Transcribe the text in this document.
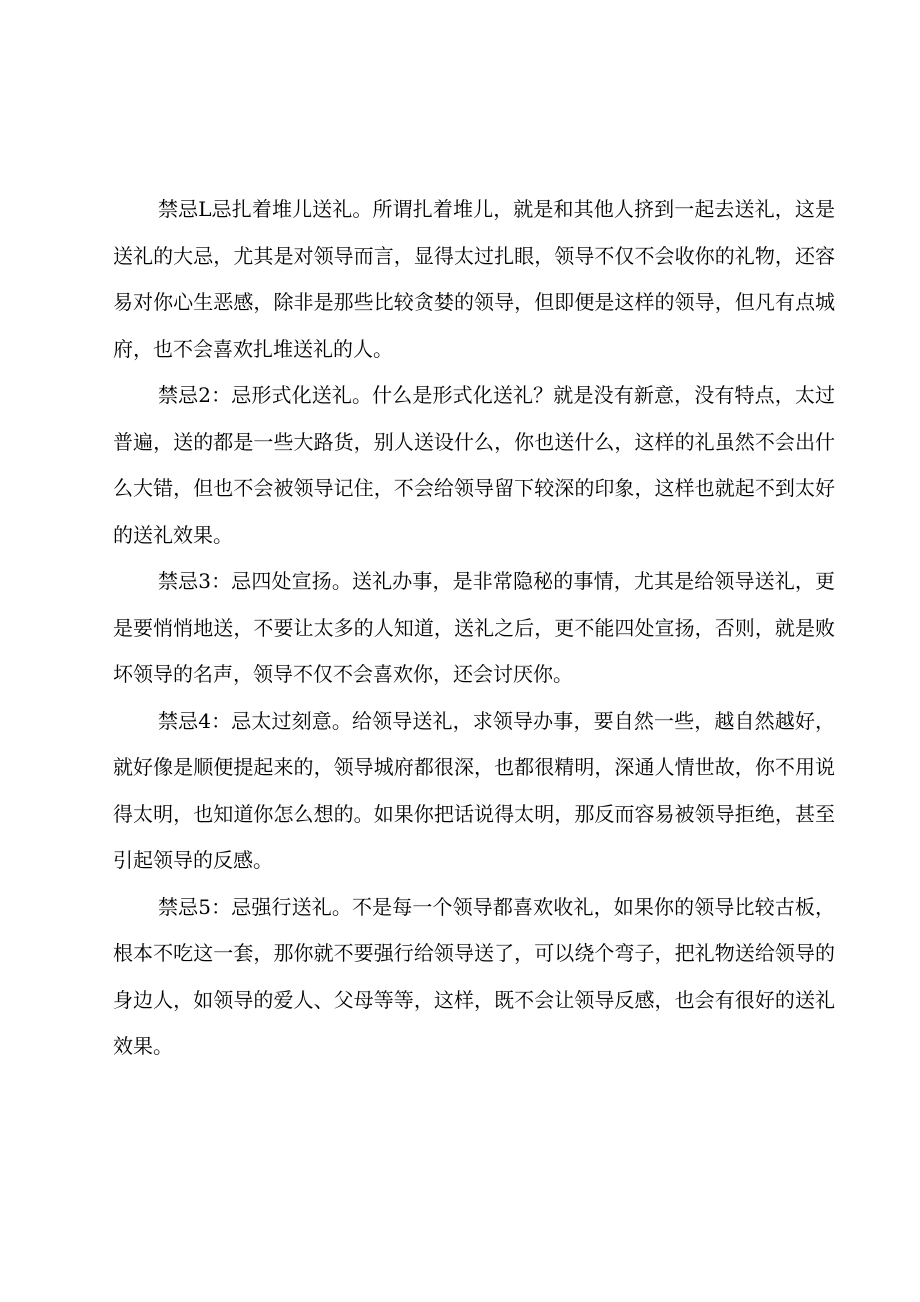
禁忌L忌扎着堆儿送礼。所谓扎着堆儿，就是和其他人挤到一起去送礼，这是送礼的大忌，尤其是对领导而言，显得太过扎眼，领导不仅不会收你的礼物，还容易对你心生恶感，除非是那些比较贪婪的领导，但即便是这样的领导，但凡有点城府，也不会喜欢扎堆送礼的人。

禁忌2：忌形式化送礼。什么是形式化送礼？就是没有新意，没有特点，太过普遍，送的都是一些大路货，别人送设什么，你也送什么，这样的礼虽然不会出什么大错，但也不会被领导记住，不会给领导留下较深的印象，这样也就起不到太好的送礼效果。

禁忌3：忌四处宣扬。送礼办事，是非常隐秘的事情，尤其是给领导送礼，更是要悄悄地送，不要让太多的人知道，送礼之后，更不能四处宣扬，否则，就是败坏领导的名声，领导不仅不会喜欢你，还会讨厌你。

禁忌4：忌太过刻意。给领导送礼，求领导办事，要自然一些，越自然越好，就好像是顺便提起来的，领导城府都很深，也都很精明，深通人情世故，你不用说得太明，也知道你怎么想的。如果你把话说得太明，那反而容易被领导拒绝，甚至引起领导的反感。

禁忌5：忌强行送礼。不是每一个领导都喜欢收礼，如果你的领导比较古板，根本不吃这一套，那你就不要强行给领导送了，可以绕个弯子，把礼物送给领导的身边人，如领导的爱人、父母等等，这样，既不会让领导反感，也会有很好的送礼效果。
